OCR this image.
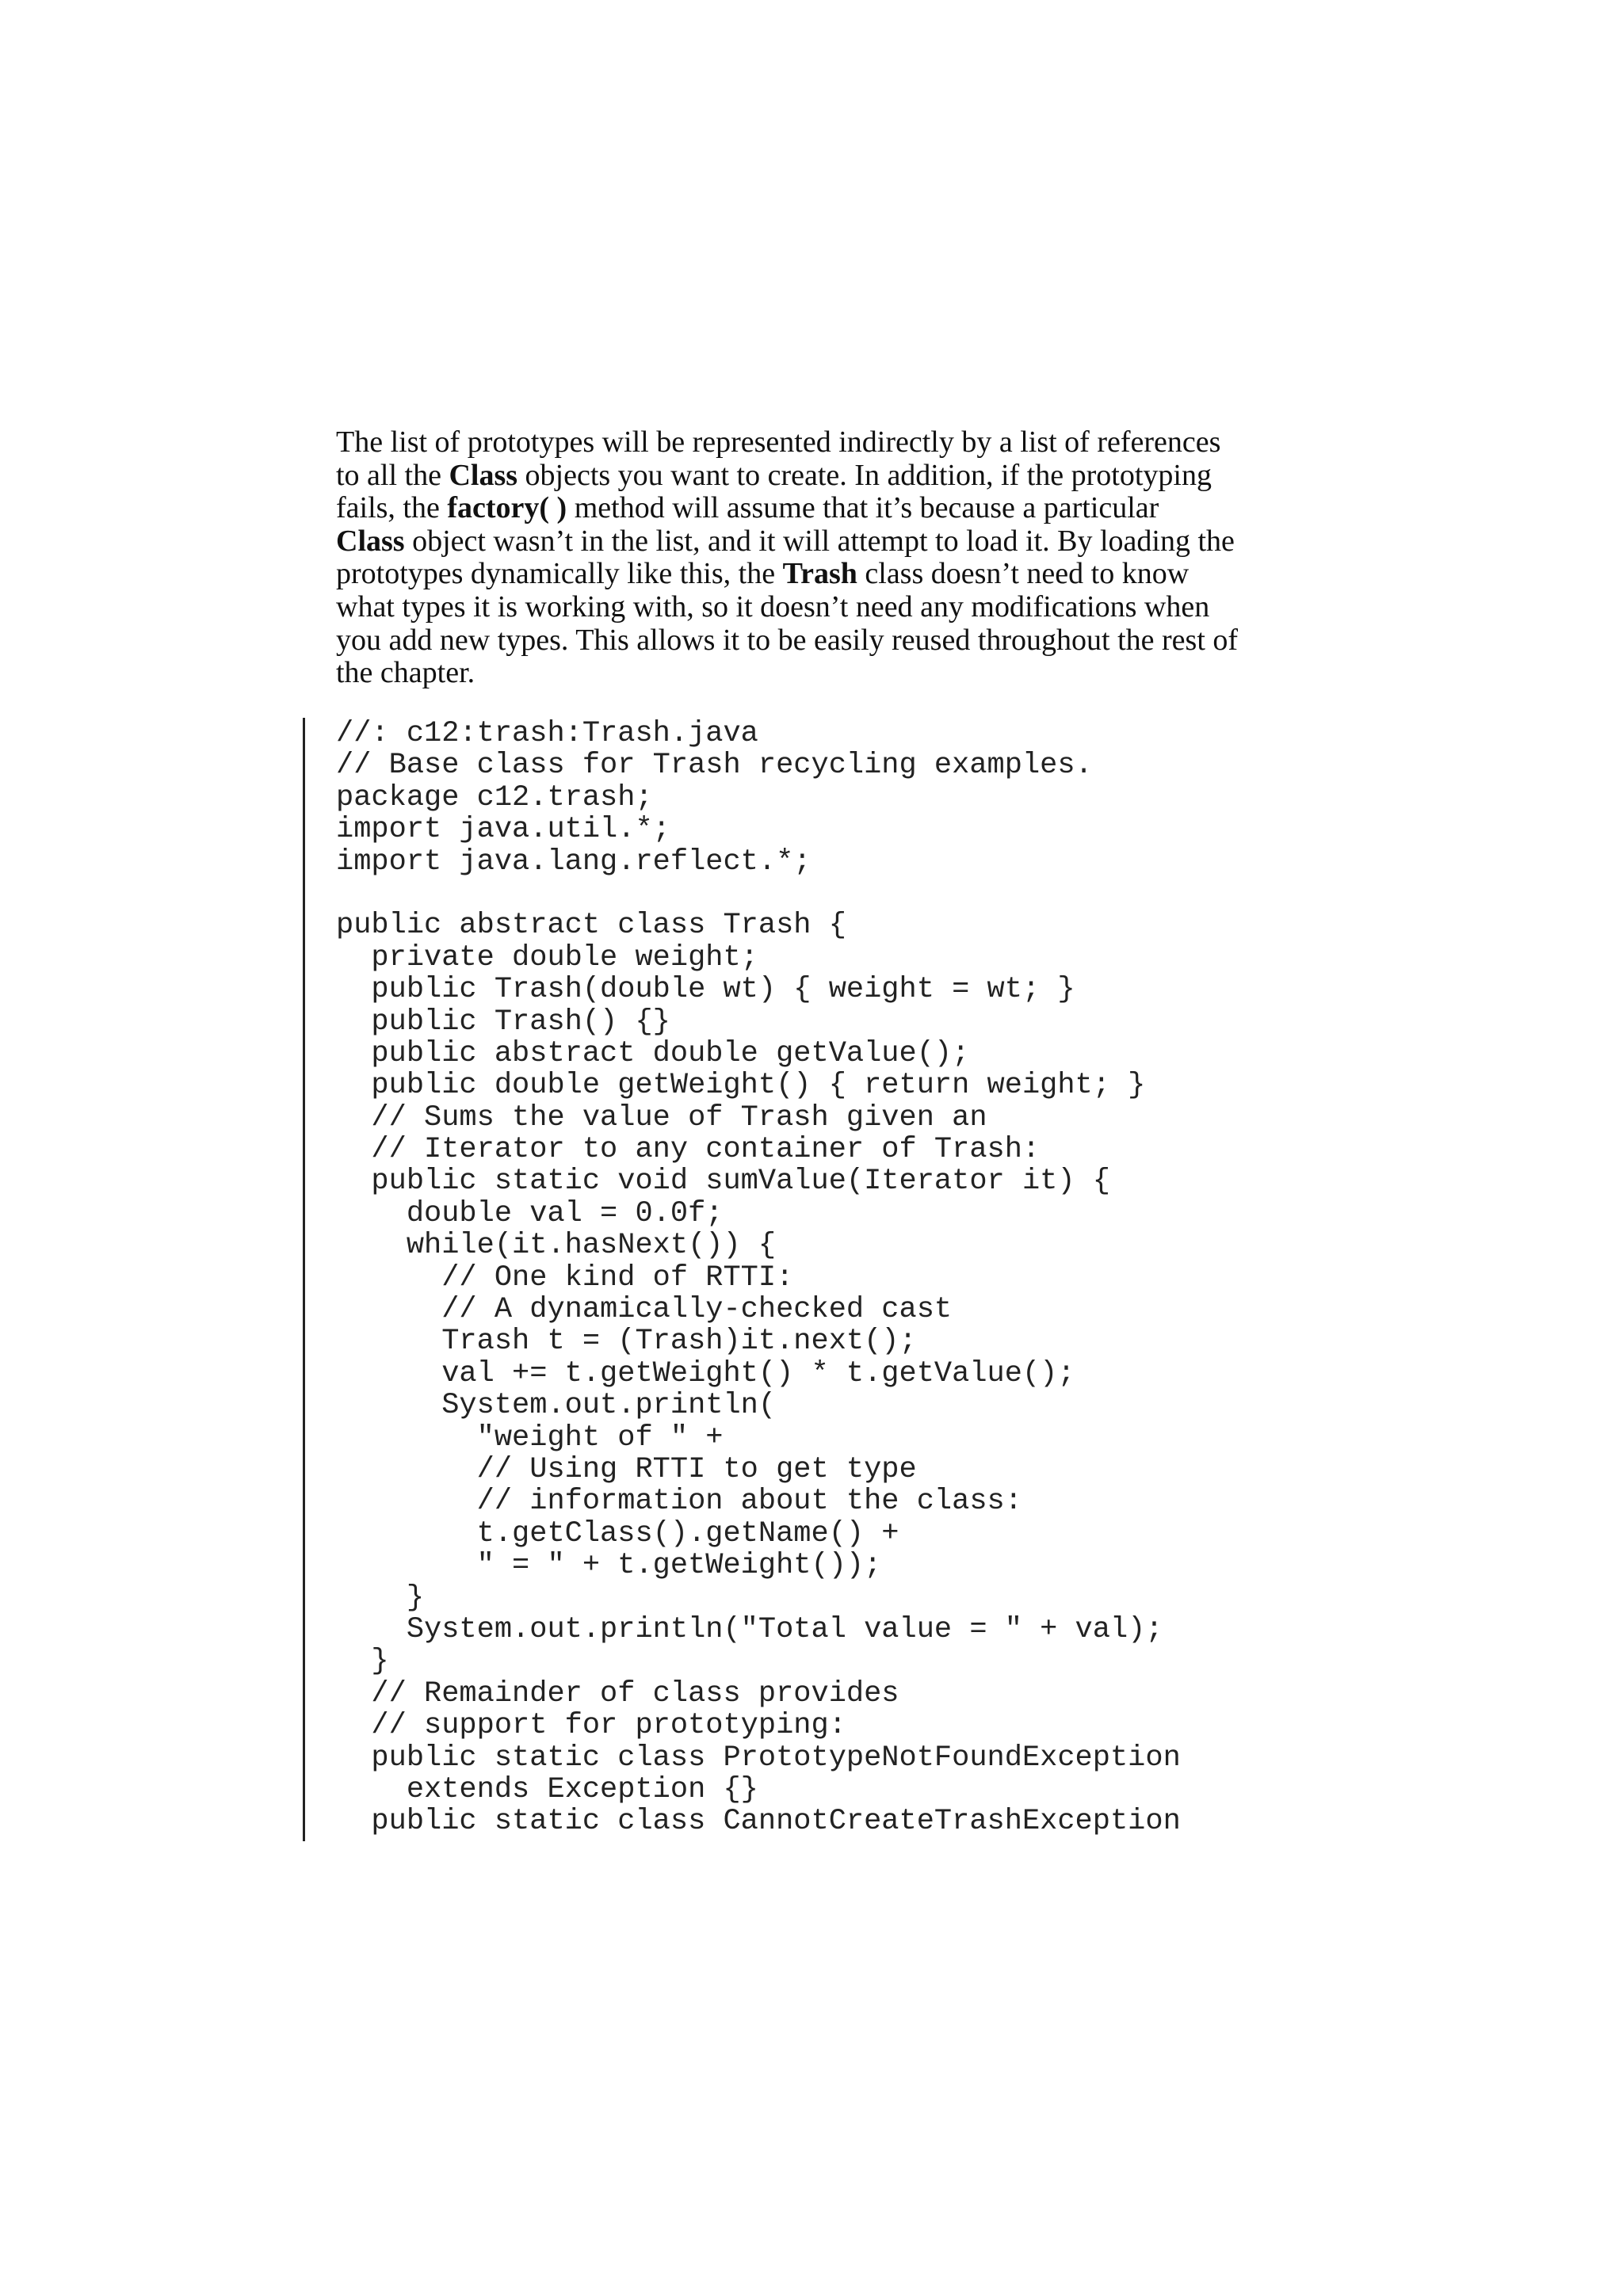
The list of prototypes will be represented indirectly by a list of references
to all the Class objects you want to create. In addition, if the prototyping
fails, the factory( ) method will assume that it’s because a particular
Class object wasn’t in the list, and it will attempt to load it. By loading the
prototypes dynamically like this, the Trash class doesn’t need to know
what types it is working with, so it doesn’t need any modifications when
you add new types. This allows it to be easily reused throughout the rest of
the chapter.
//: c12:trash:Trash.java
// Base class for Trash recycling examples.
package c12.trash;
import java.util.*;
import java.lang.reflect.*;
public abstract class Trash {
private double weight;
public Trash(double wt) { weight = wt; }
public Trash() {}
public abstract double getValue();
public double getWeight() { return weight; }
// Sums the value of Trash given an
// Iterator to any container of Trash:
public static void sumValue(Iterator it) {
double val = 0.0f;
while(it.hasNext()) {
// One kind of RTTI:
// A dynamically-checked cast
Trash t = (Trash)it.next();
val += t.getWeight() * t.getValue();
System.out.println(
"weight of " +
// Using RTTI to get type
// information about the class:
t.getClass().getName() +
" = " + t.getWeight());
}
System.out.println("Total value = " + val);
}
// Remainder of class provides
// support for prototyping:
public static class PrototypeNotFoundException
extends Exception {}
public static class CannotCreateTrashException
